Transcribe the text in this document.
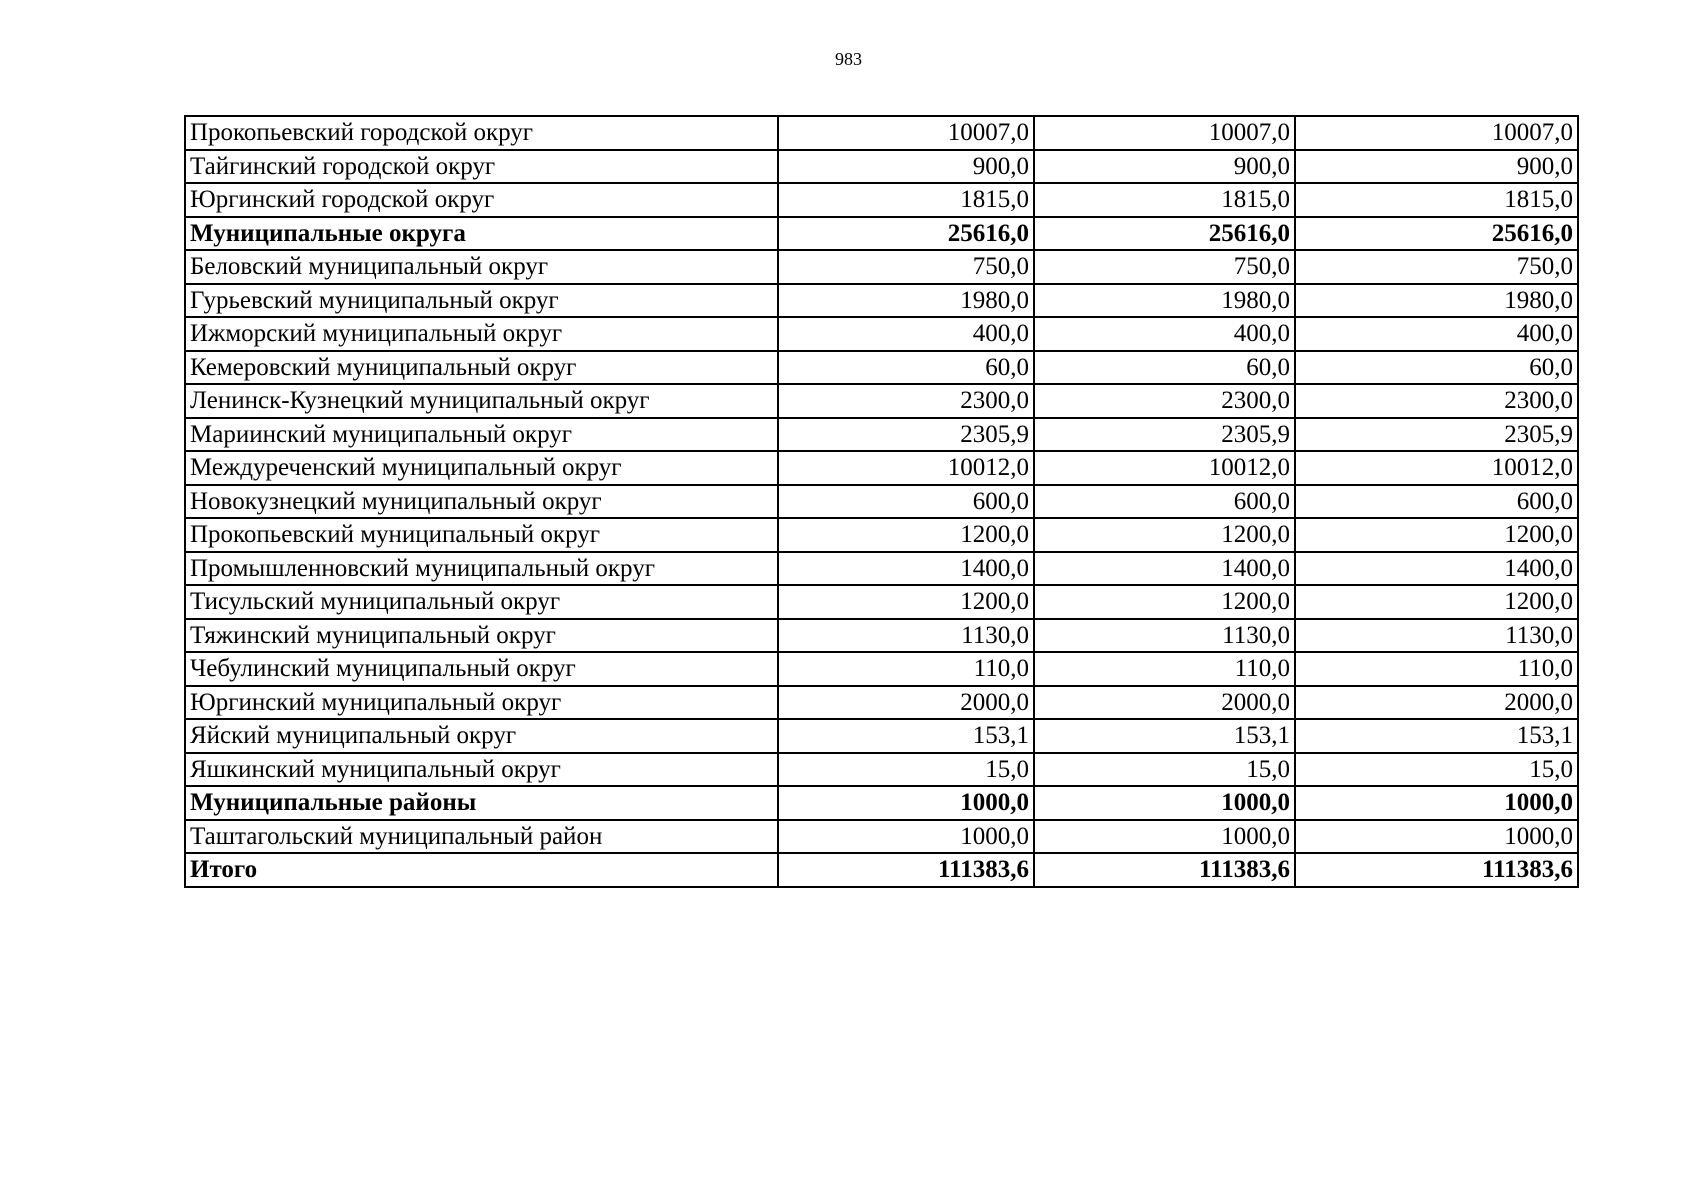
983
Прокопьевский городской округ	10007,0	10007,0	10007,0
Тайгинский городской округ	900,0	900,0	900,0
Юргинский городской округ	1815,0	1815,0	1815,0
Муниципальные округа	25616,0	25616,0	25616,0
Беловский муниципальный округ	750,0	750,0	750,0
Гурьевский муниципальный округ	1980,0	1980,0	1980,0
Ижморский муниципальный округ	400,0	400,0	400,0
Кемеровский муниципальный округ	60,0	60,0	60,0
Ленинск-Кузнецкий муниципальный округ	2300,0	2300,0	2300,0
Мариинский муниципальный округ	2305,9	2305,9	2305,9
Междуреченский муниципальный округ	10012,0	10012,0	10012,0
Новокузнецкий муниципальный округ	600,0	600,0	600,0
Прокопьевский муниципальный округ	1200,0	1200,0	1200,0
Промышленновский муниципальный округ	1400,0	1400,0	1400,0
Тисульский муниципальный округ	1200,0	1200,0	1200,0
Тяжинский муниципальный округ	1130,0	1130,0	1130,0
Чебулинский муниципальный округ	110,0	110,0	110,0
Юргинский муниципальный округ	2000,0	2000,0	2000,0
Яйский муниципальный округ	153,1	153,1	153,1
Яшкинский муниципальный округ	15,0	15,0	15,0
Муниципальные районы	1000,0	1000,0	1000,0
Таштагольский муниципальный район	1000,0	1000,0	1000,0
Итого	111383,6	111383,6	111383,6
